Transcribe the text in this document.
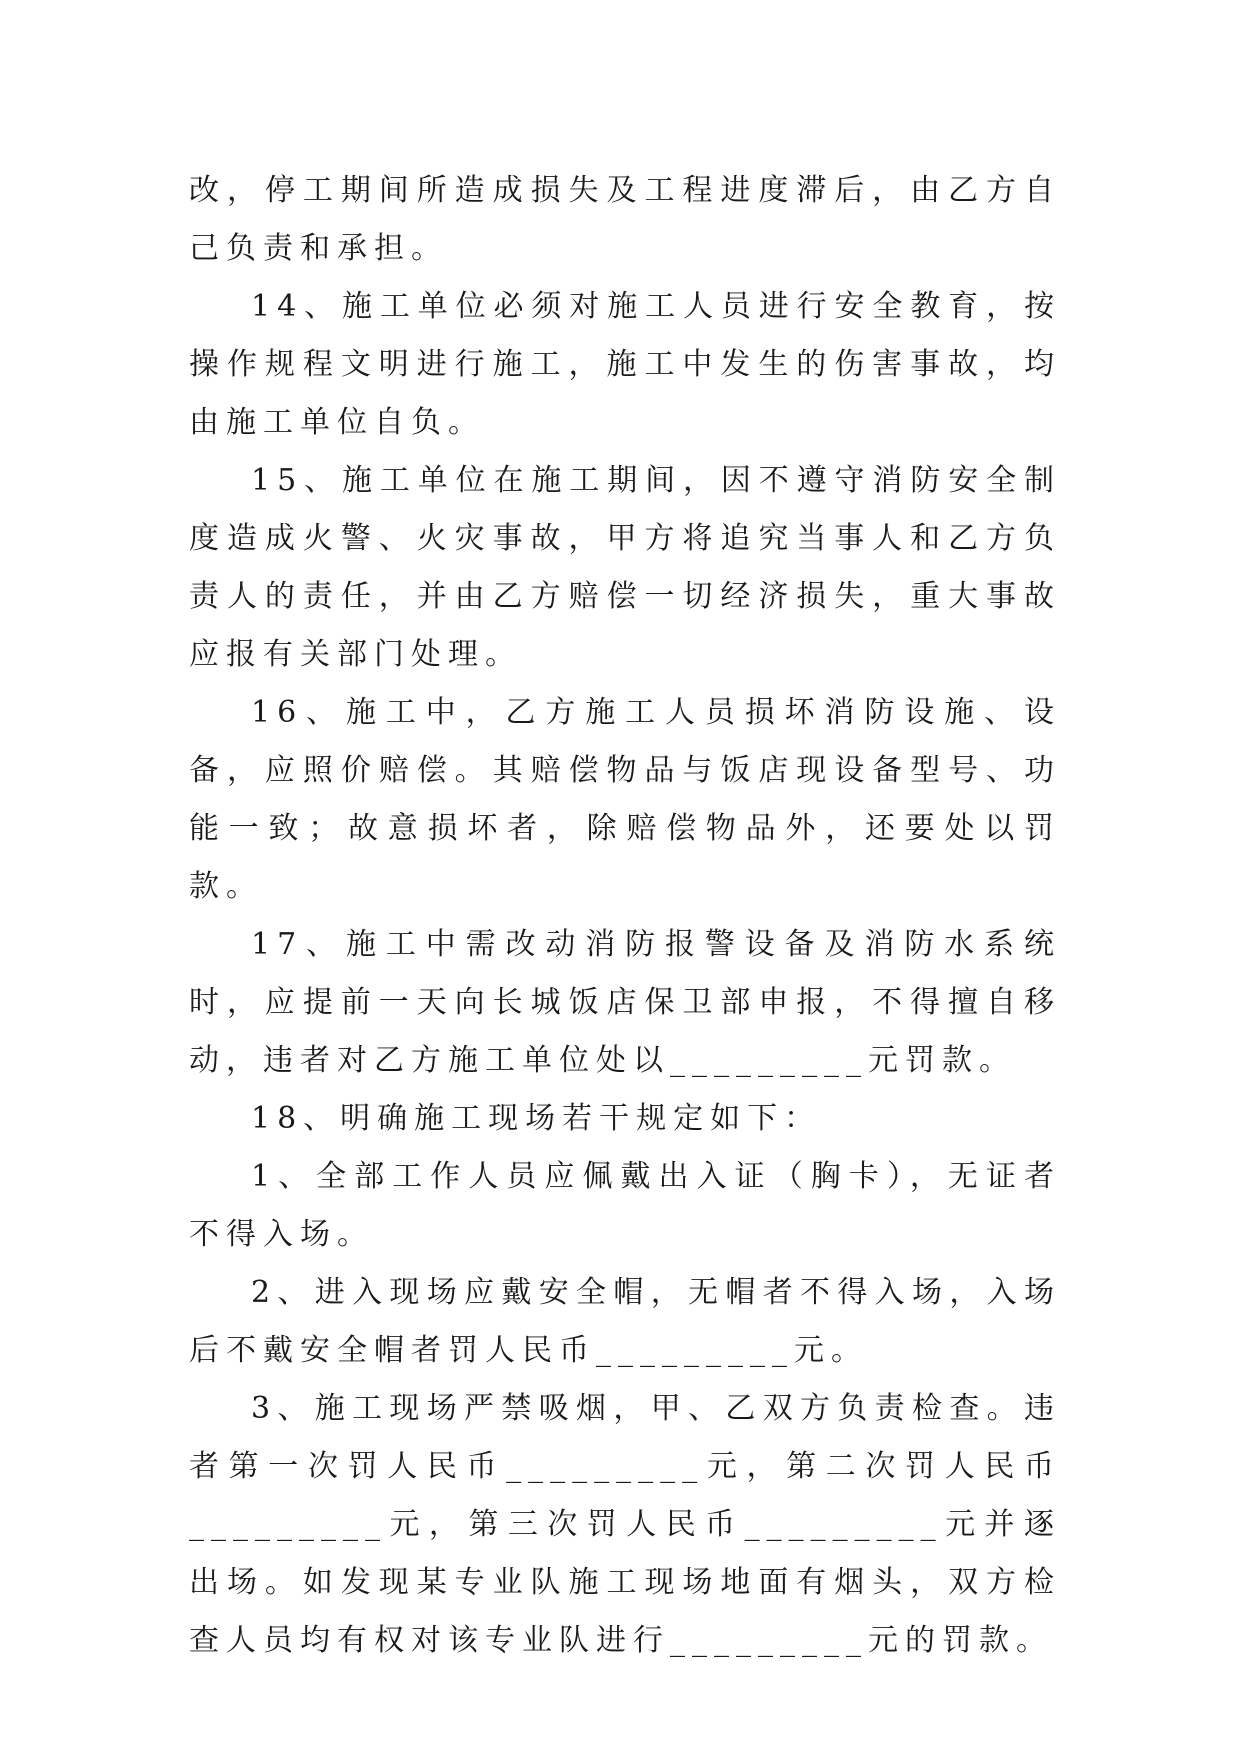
改，停工期间所造成损失及工程进度滞后，由乙方自己负责和承担。

14、施工单位必须对施工人员进行安全教育，按操作规程文明进行施工，施工中发生的伤害事故，均由施工单位自负。

15、施工单位在施工期间，因不遵守消防安全制度造成火警、火灾事故，甲方将追究当事人和乙方负责人的责任，并由乙方赔偿一切经济损失，重大事故应报有关部门处理。

16、施工中，乙方施工人员损坏消防设施、设备，应照价赔偿。其赔偿物品与饭店现设备型号、功能一致；故意损坏者，除赔偿物品外，还要处以罚款。

17、施工中需改动消防报警设备及消防水系统时，应提前一天向长城饭店保卫部申报，不得擅自移动，违者对乙方施工单位处以_________元罚款。

18、明确施工现场若干规定如下：

1、全部工作人员应佩戴出入证（胸卡），无证者不得入场。

2、进入现场应戴安全帽，无帽者不得入场，入场后不戴安全帽者罚人民币_________元。

3、施工现场严禁吸烟，甲、乙双方负责检查。违者第一次罚人民币_________元，第二次罚人民币_________元，第三次罚人民币_________元并逐出场。如发现某专业队施工现场地面有烟头，双方检查人员均有权对该专业队进行_________元的罚款。
